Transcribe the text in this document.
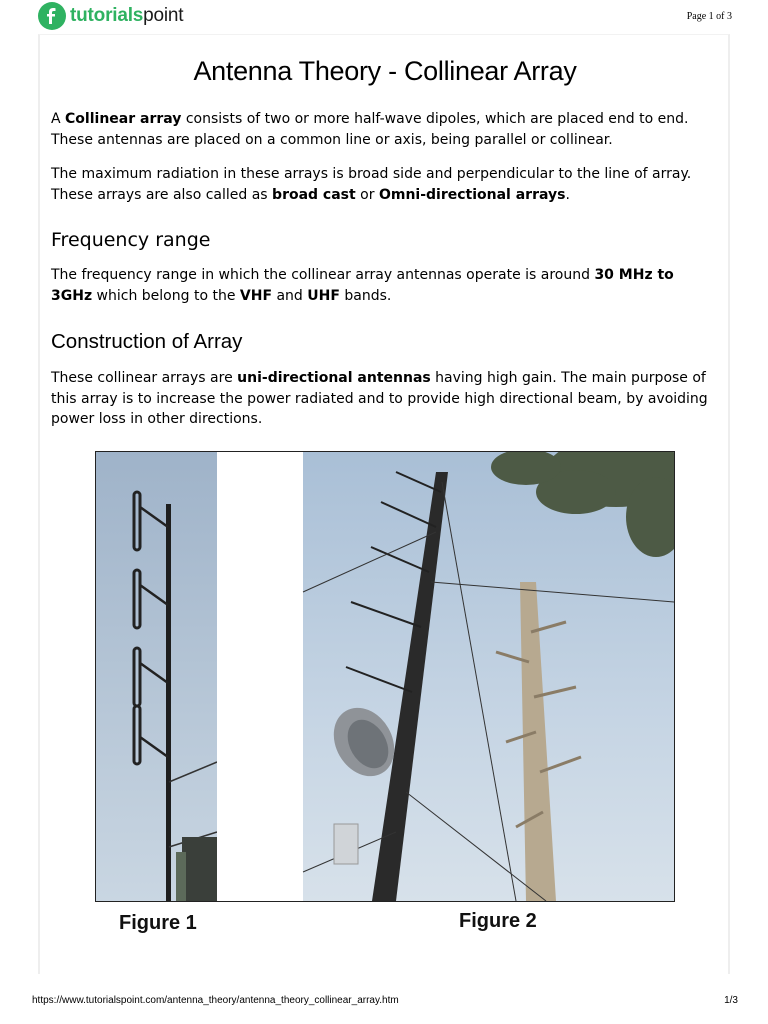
tutorialspoint	Page 1 of 3
Antenna Theory - Collinear Array

A Collinear array consists of two or more half-wave dipoles, which are placed end to end. These antennas are placed on a common line or axis, being parallel or collinear.

The maximum radiation in these arrays is broad side and perpendicular to the line of array. These arrays are also called as broad cast or Omni-directional arrays.

Frequency range

The frequency range in which the collinear array antennas operate is around 30 MHz to 3GHz which belong to the VHF and UHF bands.

Construction of Array

These collinear arrays are uni-directional antennas having high gain. The main purpose of this array is to increase the power radiated and to provide high directional beam, by avoiding power loss in other directions.

Figure 1	Figure 2
https://www.tutorialspoint.com/antenna_theory/antenna_theory_collinear_array.htm	1/3
